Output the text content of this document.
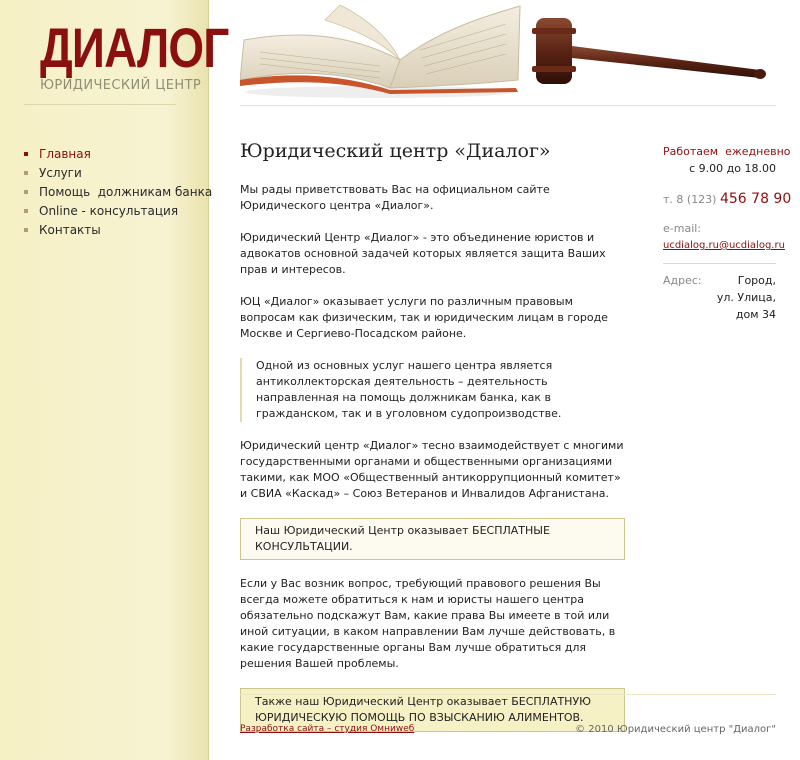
ДИАЛОГ
ЮРИДИЧЕСКИЙ ЦЕНТР
Главная
Услуги
Помощь  должникам банка
Online - консультация
Контакты
Юридический центр «Диалог»

Мы рады приветствовать Вас на официальном сайте Юридического центра «Диалог».

Юридический Центр «Диалог» - это объединение юристов и адвокатов основной задачей которых является защита Ваших прав и интересов.

ЮЦ «Диалог» оказывает услуги по различным правовым вопросам как физическим, так и юридическим лицам в городе Москве и Сергиево-Посадском районе.

Одной из основных услуг нашего центра является антиколлекторская деятельность – деятельность направленная на помощь должникам банка, как в гражданском, так и в уголовном судопроизводстве.

Юридический центр «Диалог» тесно взаимодействует с многими государственными органами и общественными организациями такими, как МОО «Общественный антикоррупционный комитет» и СВИА «Каскад» – Союз Ветеранов и Инвалидов Афганистана.

Наш Юридический Центр оказывает БЕСПЛАТНЫЕ КОНСУЛЬТАЦИИ.

Если у Вас возник вопрос, требующий правового решения Вы всегда можете обратиться к нам и юристы нашего центра обязательно подскажут Вам, какие права Вы имеете в той или иной ситуации, в каком направлении Вам лучше действовать, в какие государственные органы Вам лучше обратиться для решения Вашей проблемы.

Также наш Юридический Центр оказывает БЕСПЛАТНУЮ ЮРИДИЧЕСКУЮ ПОМОЩЬ ПО ВЗЫСКАНИЮ АЛИМЕНТОВ.
Работаем  ежедневно
с 9.00 до 18.00
т. 8 (123) 456 78 90
e-mail:
ucdialog.ru@ucdialog.ru
Адрес:	Город,
ул. Улица,
дом 34
Разработка сайта – студия Омниweб	© 2010 Юридический центр "Диалог"
